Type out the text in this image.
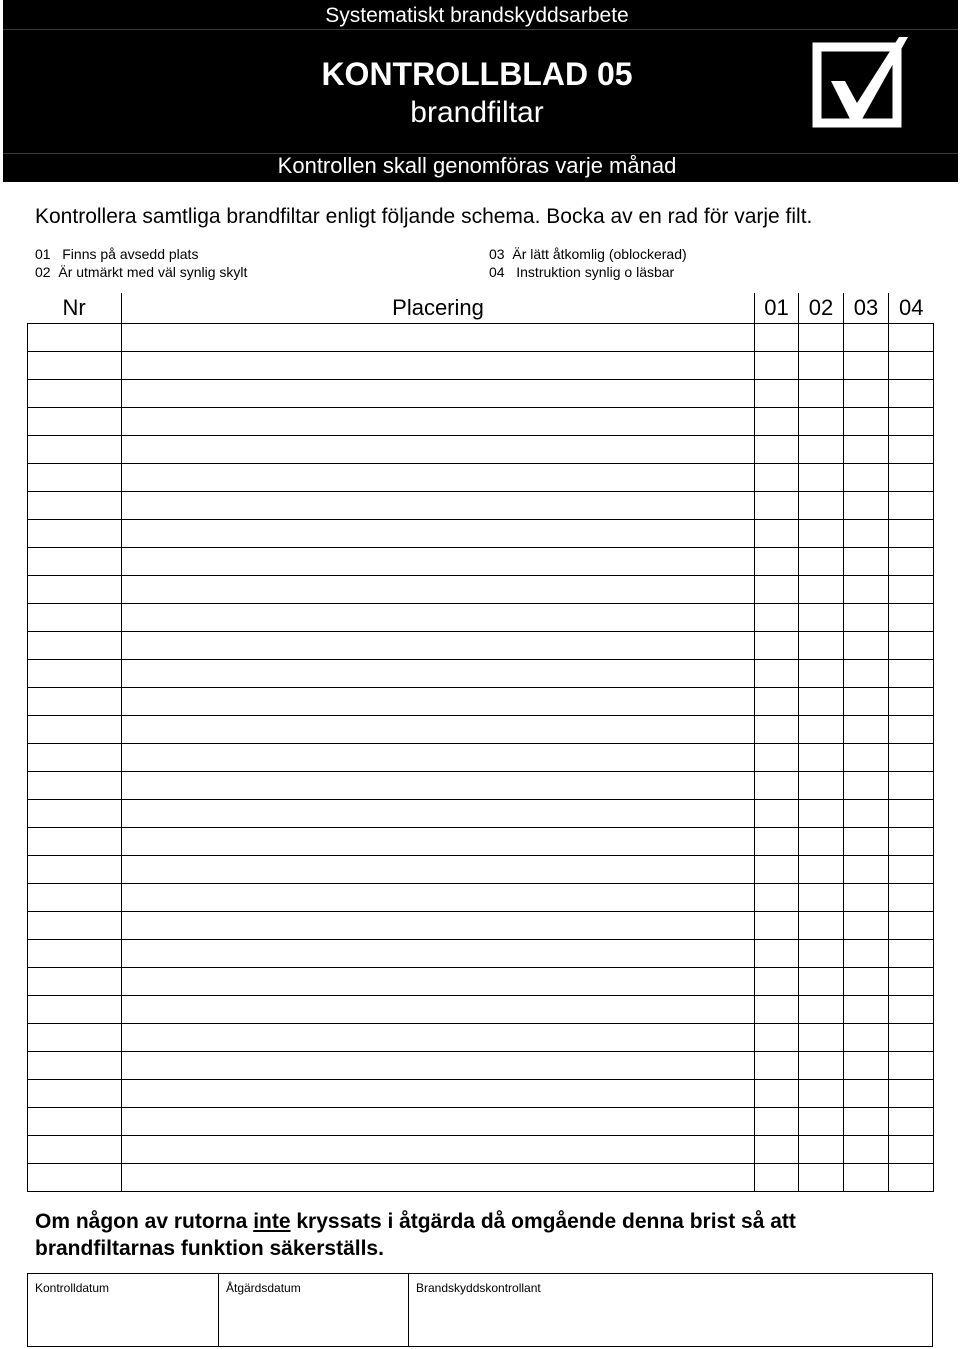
Systematiskt brandskyddsarbete
KONTROLLBLAD 05
brandfiltar
Kontrollen skall genomföras varje månad
Kontrollera samtliga brandfiltar enligt följande schema. Bocka av en rad för varje filt.
01 Finns på avsedd plats
02 Är utmärkt med väl synlig skylt
03 Är lätt åtkomlig (oblockerad)
04 Instruktion synlig o läsbar
Nr	Placering	01	02	03	04

Om någon av rutorna inte kryssats i åtgärda då omgående denna brist så att brandfiltarnas funktion säkerställs.
Kontrolldatum	Åtgärdsdatum	Brandskyddskontrollant
